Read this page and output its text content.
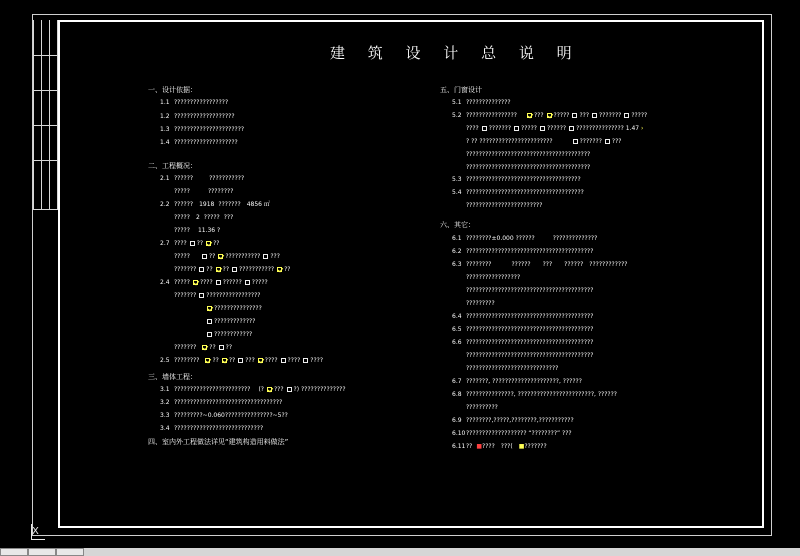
建 筑 设 计 总 说 明
一、设计依据：
1.1 ?????????????????
1.2 ???????????????????
1.3 ??????????????????????
1.4 ????????????????????
二、工程概况：
2.1 ??????	???????????
?????	????????
2.2 ?????? 1918 ??????? 4856 ㎡
????? 2 ????? ???
????? 11.36 ?
2.7 ???? ?? ??
?????	?? ??????????? ???
??????? ?? ?? ??????????? ??
2.4 ????? ???? ?????? ?????
??????? ?????????????????
???????????????
?????????????
????????????
??????? ?? ??
2.5 ???????? ?? ?? ??? ???? ???? ????
三、墙体工程：
3.1 ???????????????????????? (? ??? ?) ??????????????
3.2 ??????????????????????????????????
3.3 ?????????~0.060???????????????~5??
3.4 ????????????????????????????
四、室内外工程做法详见“建筑构造用料做法”
五、门窗设计
5.1 ??????????????
5.2 ????????????????	??? ????? ??? ??????? ?????
???? ??????? ????? ?????? ??????????????? 1.47 ›
? ?? ???????????????????????	??????? ???
???????????????????????????????????????
???????????????????????????????????????
5.3 ????????????????????????????????????
5.4 ?????????????????????????????????????
????????????????????????
六、其它：
6.1 ????????±0.000 ??????	??????????????
6.2 ????????????????????????????????????????
6.3 ????????	?????? ??? ?????? ????????????
?????????????????
????????????????????????????????????????
?????????
6.4 ????????????????????????????????????????
6.5 ????????????????????????????????????????
6.6 ????????????????????????????????????????
????????????????????????????????????????
?????????????????????????????
6.7 ???????, ?????????????????????, ??????
6.8 ???????????????, ????????????????????????, ??????
??????????
6.9 ????????,?????,????????,???????????
6.10??????????????????? “????????” ???
6.11?? ■???? ???( ■???????
X
